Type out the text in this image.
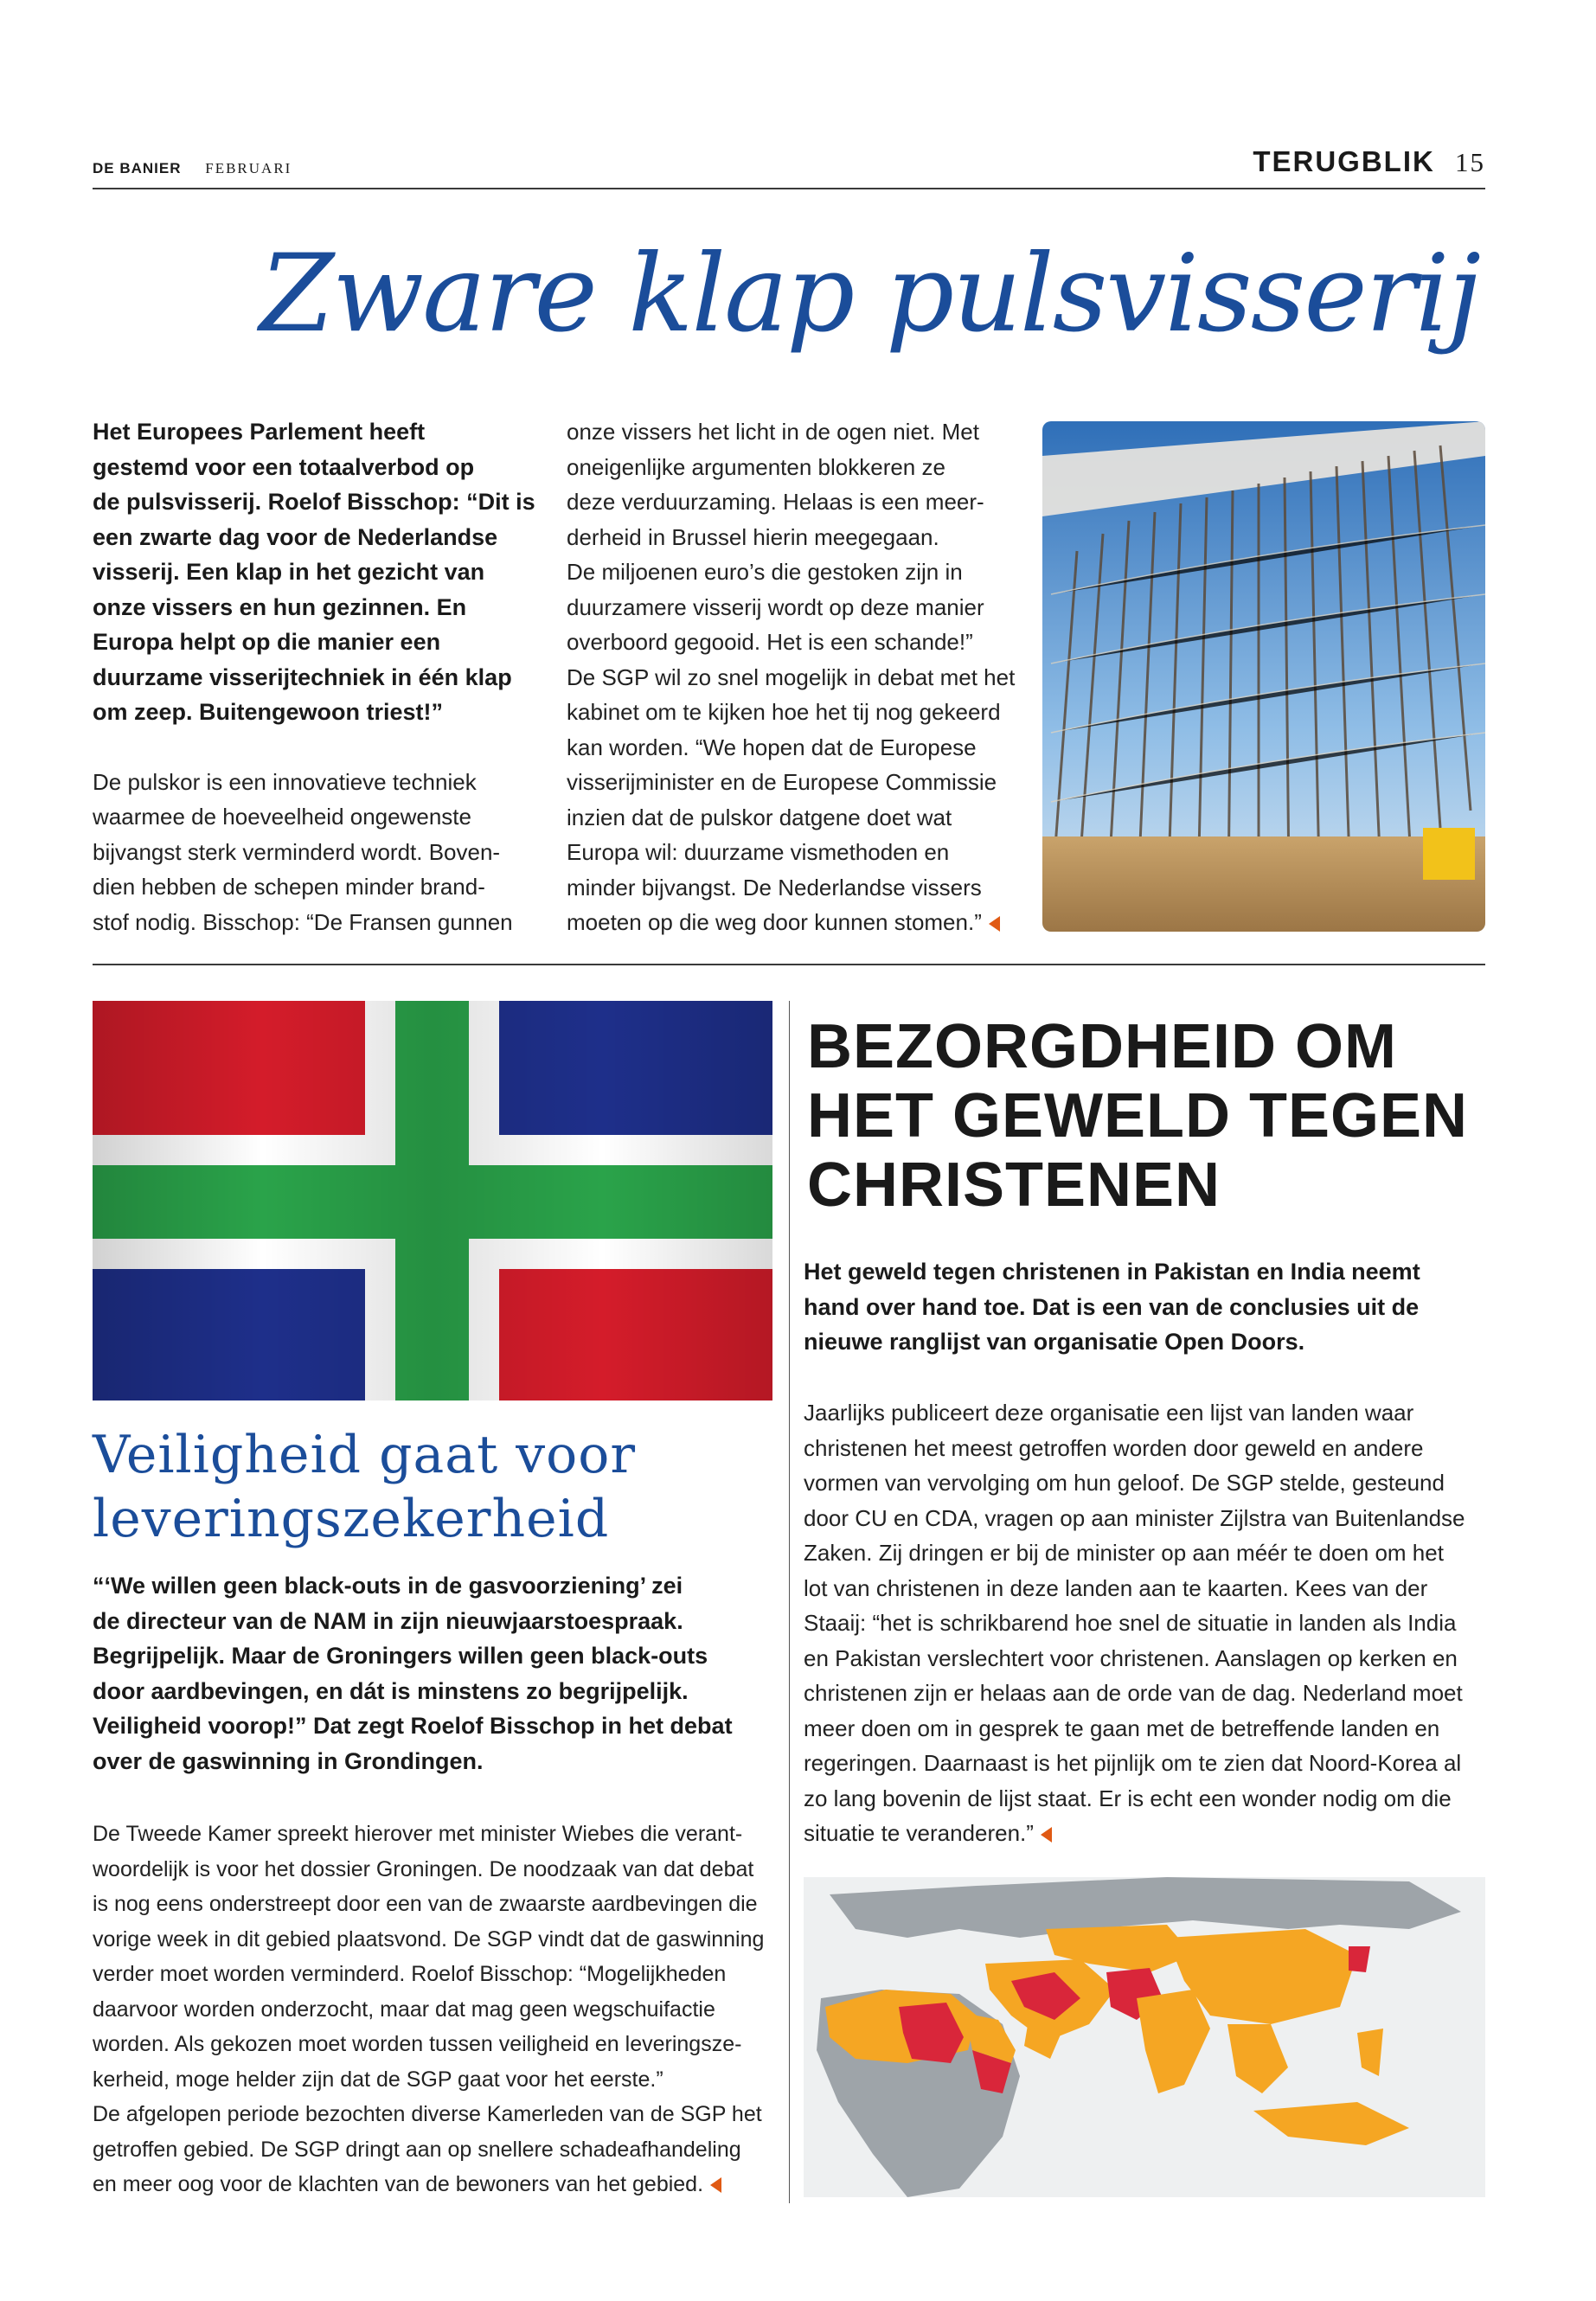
DE BANIER FEBRUARI	TERUGBLIK 15
Zware klap pulsvisserij
Het Europees Parlement heeft
gestemd voor een totaalverbod op
de pulsvisserij. Roelof Bisschop: “Dit is
een zwarte dag voor de Nederlandse
visserij. Een klap in het gezicht van
onze vissers en hun gezinnen. En
Europa helpt op die manier een
duurzame visserijtechniek in één klap
om zeep. Buitengewoon triest!”
De pulskor is een innovatieve techniek
waarmee de hoeveelheid ongewenste
bijvangst sterk verminderd wordt. Boven-
dien hebben de schepen minder brand-
stof nodig. Bisschop: “De Fransen gunnen
onze vissers het licht in de ogen niet. Met
oneigenlijke argumenten blokkeren ze
deze verduurzaming. Helaas is een meer-
derheid in Brussel hierin meegegaan.
De miljoenen euro’s die gestoken zijn in
duurzamere visserij wordt op deze manier
overboord gegooid. Het is een schande!”
De SGP wil zo snel mogelijk in debat met het
kabinet om te kijken hoe het tij nog gekeerd
kan worden. “We hopen dat de Europese
visserijminister en de Europese Commissie
inzien dat de pulskor datgene doet wat
Europa wil: duurzame vismethoden en
minder bijvangst. De Nederlandse vissers
moeten op die weg door kunnen stomen.”
Veiligheid gaat voor
leveringszekerheid
“‘We willen geen black-outs in de gasvoorziening’ zei
de directeur van de NAM in zijn nieuwjaarstoespraak.
Begrijpelijk. Maar de Groningers willen geen black-outs
door aardbevingen, en dát is minstens zo begrijpelijk.
Veiligheid voorop!” Dat zegt Roelof Bisschop in het debat
over de gaswinning in Grondingen.
De Tweede Kamer spreekt hierover met minister Wiebes die verant-
woordelijk is voor het dossier Groningen. De noodzaak van dat debat
is nog eens onderstreept door een van de zwaarste aardbevingen die
vorige week in dit gebied plaatsvond. De SGP vindt dat de gaswinning
verder moet worden verminderd. Roelof Bisschop: “Mogelijkheden
daarvoor worden onderzocht, maar dat mag geen wegschuifactie
worden. Als gekozen moet worden tussen veiligheid en leveringsze-
kerheid, moge helder zijn dat de SGP gaat voor het eerste.”
De afgelopen periode bezochten diverse Kamerleden van de SGP het
getroffen gebied. De SGP dringt aan op snellere schadeafhandeling
en meer oog voor de klachten van de bewoners van het gebied.
BEZORGDHEID OM
HET GEWELD TEGEN
CHRISTENEN
Het geweld tegen christenen in Pakistan en India neemt
hand over hand toe. Dat is een van de conclusies uit de
nieuwe ranglijst van organisatie Open Doors.
Jaarlijks publiceert deze organisatie een lijst van landen waar
christenen het meest getroffen worden door geweld en andere
vormen van vervolging om hun geloof. De SGP stelde, gesteund
door CU en CDA, vragen op aan minister Zijlstra van Buitenlandse
Zaken. Zij dringen er bij de minister op aan méér te doen om het
lot van christenen in deze landen aan te kaarten. Kees van der
Staaij: “het is schrikbarend hoe snel de situatie in landen als India
en Pakistan verslechtert voor christenen. Aanslagen op kerken en
christenen zijn er helaas aan de orde van de dag. Nederland moet
meer doen om in gesprek te gaan met de betreffende landen en
regeringen. Daarnaast is het pijnlijk om te zien dat Noord-Korea al
zo lang bovenin de lijst staat. Er is echt een wonder nodig om die
situatie te veranderen.”
